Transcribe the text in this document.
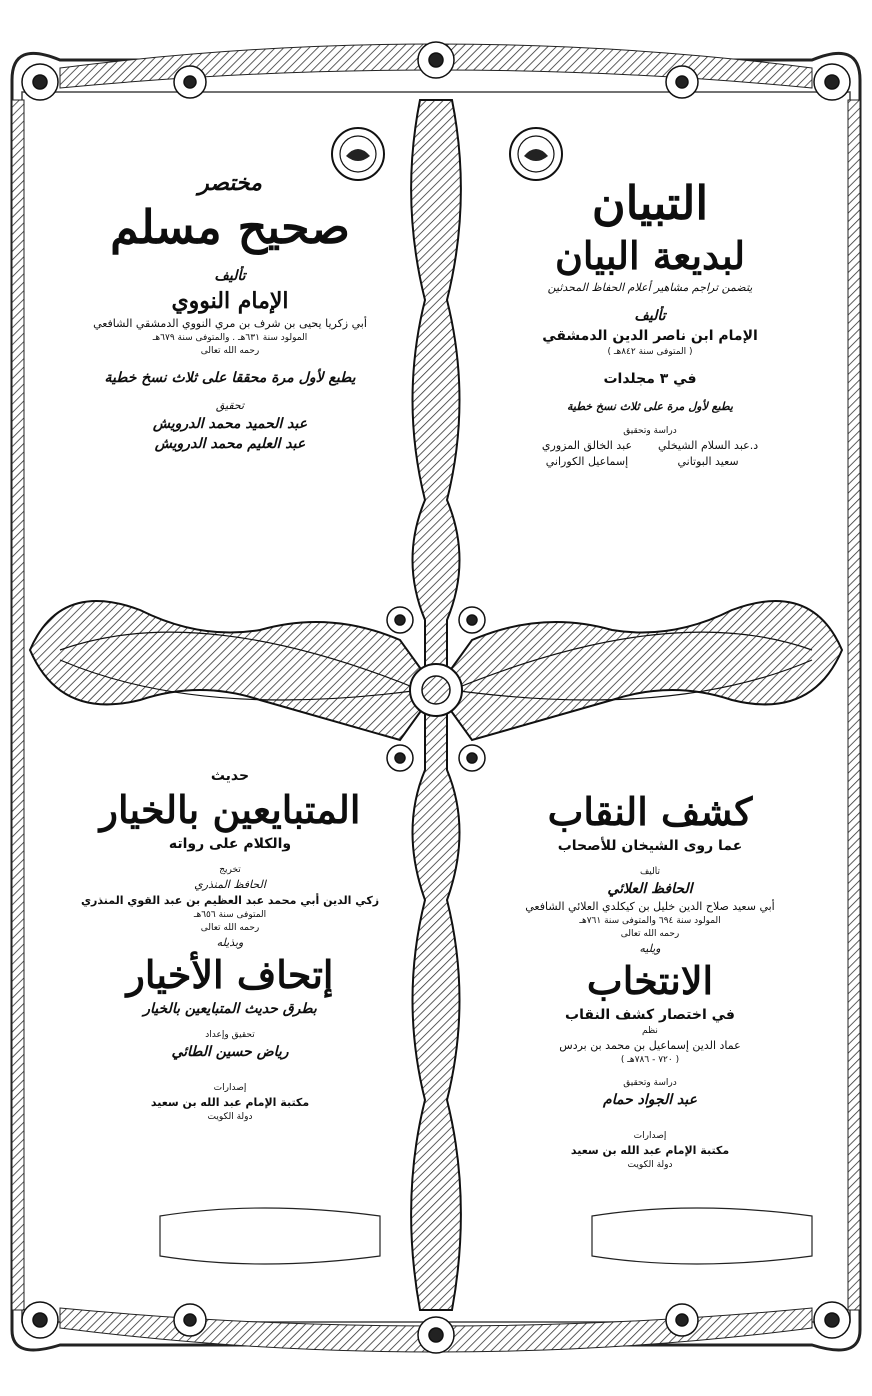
مختصر
صحيح مسلم
تأليف
الإمام النووي
أبي زكريا يحيى بن شرف بن مري النووي الدمشقي الشافعي
المولود سنة ٦٣١هـ . والمتوفى سنة ٦٧٩هـ
رحمه الله تعالى
يطبع لأول مرة محققا على ثلاث نسخ خطية
تحقيق
عبد الحميد محمد الدرويش
عبد العليم محمد الدرويش
التبيان
لبديعة البيان
يتضمن تراجم مشاهير أعلام الحفاظ المحدثين
تأليف
الإمام ابن ناصر الدين الدمشقي
( المتوفى سنة ٨٤٢هـ )
في ٣ مجلدات
يطبع لأول مرة على ثلاث نسخ خطية
دراسة وتحقيق
د.عبد السلام الشيخلي
سعيد البوتاني
عبد الخالق المزوري
إسماعيل الكوراني
حديث
المتبايعين بالخيار
والكلام على رواته
تخريج
الحافظ المنذري
زكي الدين أبي محمد عبد العظيم بن عبد القوي المنذري
المتوفى سنة ٦٥٦هـ
رحمه الله تعالى
وبذيله
إتحاف الأخيار
بطرق حديث المتبايعين بالخيار
تحقيق وإعداد
رياض حسين الطائي
إصدارات
مكتبة الإمام عبد الله بن سعيد
دولة الكويت
كشف النقاب
عما روى الشيخان للأصحاب
تأليف
الحافظ العلائي
أبي سعيد صلاح الدين خليل بن كيكلدي العلائي الشافعي
المولود سنة ٦٩٤ والمتوفى سنة ٧٦١هـ
رحمه الله تعالى
ويليه
الانتخاب
في اختصار كشف النقاب
نظم
عماد الدين إسماعيل بن محمد بن بردس
( ٧٢٠ - ٧٨٦هـ )
دراسة وتحقيق
عبد الجواد حمام
إصدارات
مكتبة الإمام عبد الله بن سعيد
دولة الكويت
